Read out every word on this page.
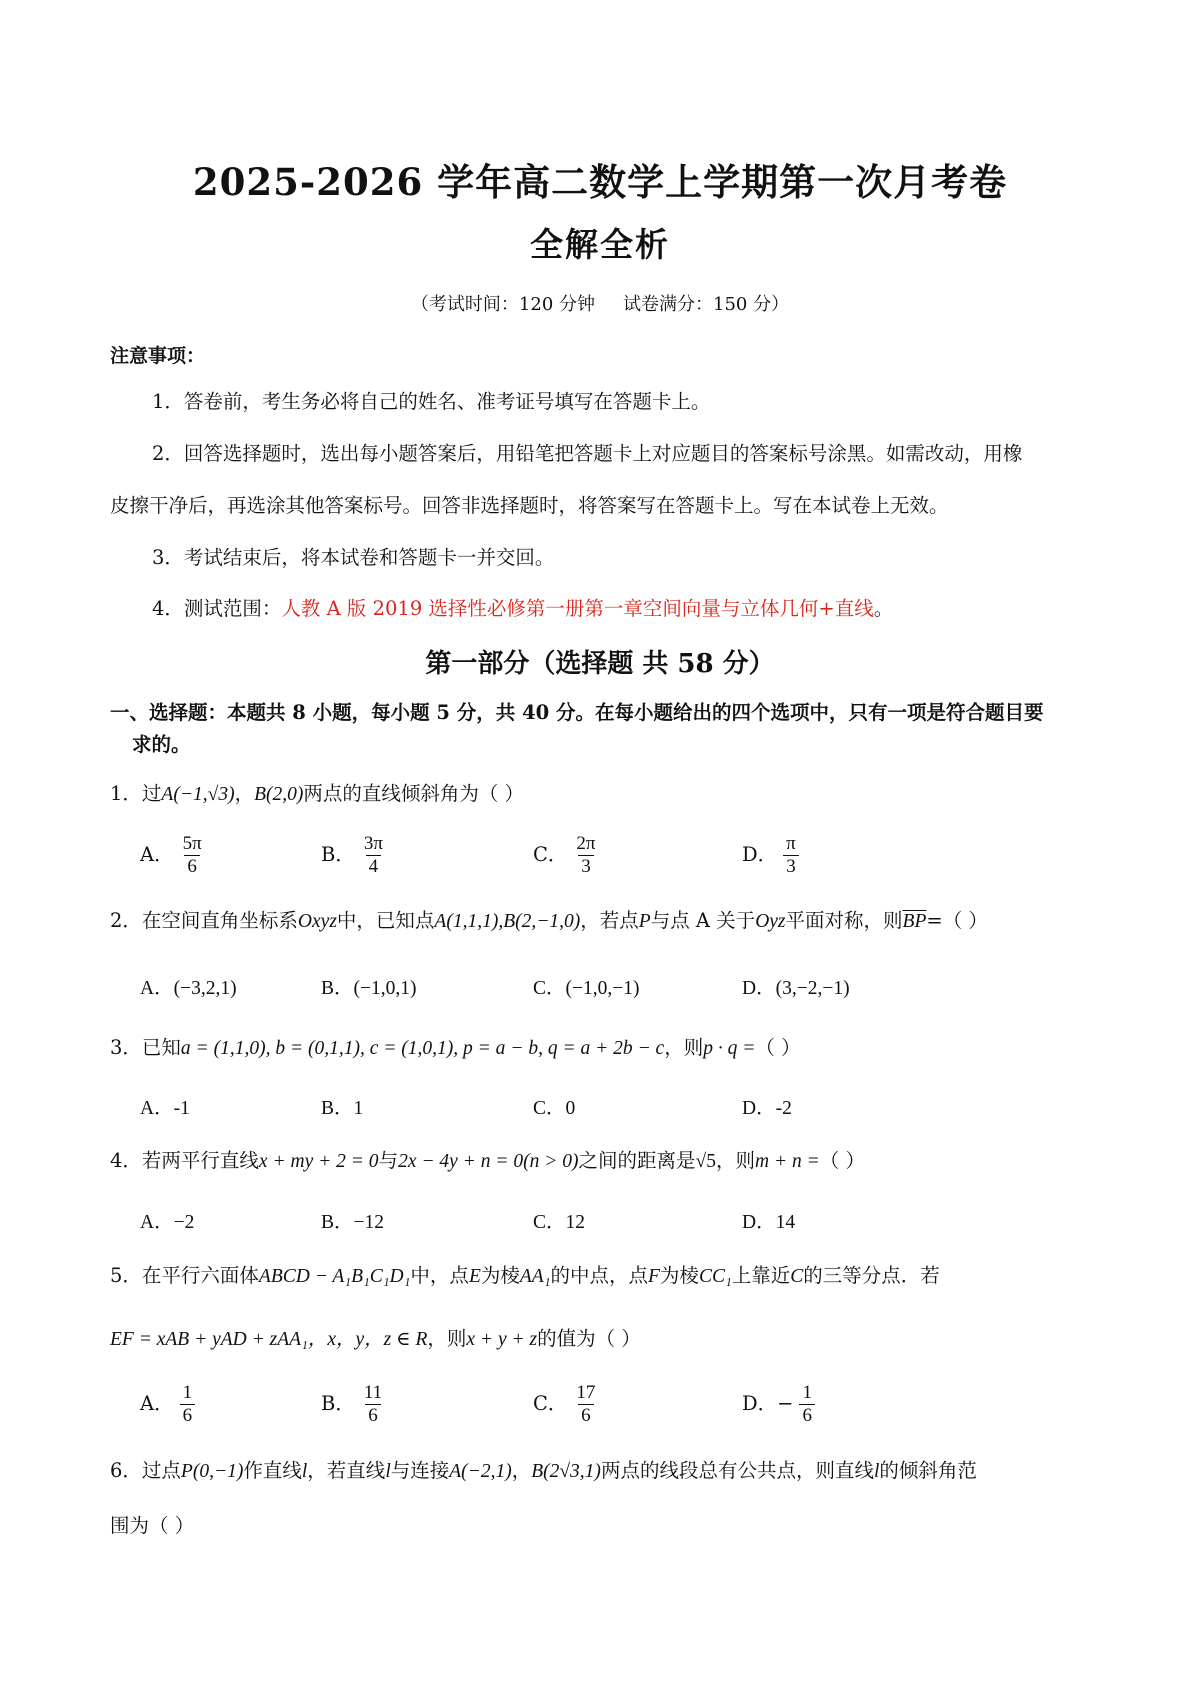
2025-2026 学年高二数学上学期第一次月考卷
全解全析
（考试时间：120 分钟 试卷满分：150 分）
注意事项：
1．答卷前，考生务必将自己的姓名、准考证号填写在答题卡上。
2．回答选择题时，选出每小题答案后，用铅笔把答题卡上对应题目的答案标号涂黑。如需改动，用橡
皮擦干净后，再选涂其他答案标号。回答非选择题时，将答案写在答题卡上。写在本试卷上无效。
3．考试结束后，将本试卷和答题卡一并交回。
4．测试范围：人教 A 版 2019 选择性必修第一册第一章空间向量与立体几何+直线。
第一部分（选择题 共 58 分）
一、选择题：本题共 8 小题，每小题 5 分，共 40 分。在每小题给出的四个选项中，只有一项是符合题目要
求的。
1．过A(−1,√3)，B(2,0)两点的直线倾斜角为（ ）
A． $\frac{5\pi}{6}$	B． $\frac{3\pi}{4}$	C． $\frac{2\pi}{3}$	D． $\frac{\pi}{3}$
2．在空间直角坐标系Oxyz中，已知点A(1,1,1),B(2,−1,0)，若点P与点 A 关于Oyz平面对称，则$\overline{BP}=$（ ）
A．(−3,2,1)	B．(−1,0,1)	C．(−1,0,−1)	D．(3,−2,−1)
3．已知a = (1,1,0), b = (0,1,1), c = (1,0,1), p = a − b, q = a + 2b − c，则p · q =（ ）
A．-1	B．1	C．0	D．-2
4．若两平行直线x + my + 2 = 0与2x − 4y + n = 0(n > 0)之间的距离是√5，则m + n =（ ）
A．−2	B．−12	C．12	D．14
5．在平行六面体ABCD − A₁B₁C₁D₁中，点E为棱AA₁的中点，点F为棱CC₁上靠近C的三等分点．若
EF = xAB + yAD + zAA₁，x，y，z ∈ R，则x + y + z的值为（ ）
A． $\frac{1}{6}$	B． $\frac{11}{6}$	C． $\frac{17}{6}$	D．− $\frac{1}{6}$
6．过点P(0,−1)作直线l，若直线l与连接A(−2,1)，B(2√3,1)两点的线段总有公共点，则直线l的倾斜角范
围为（ ）
